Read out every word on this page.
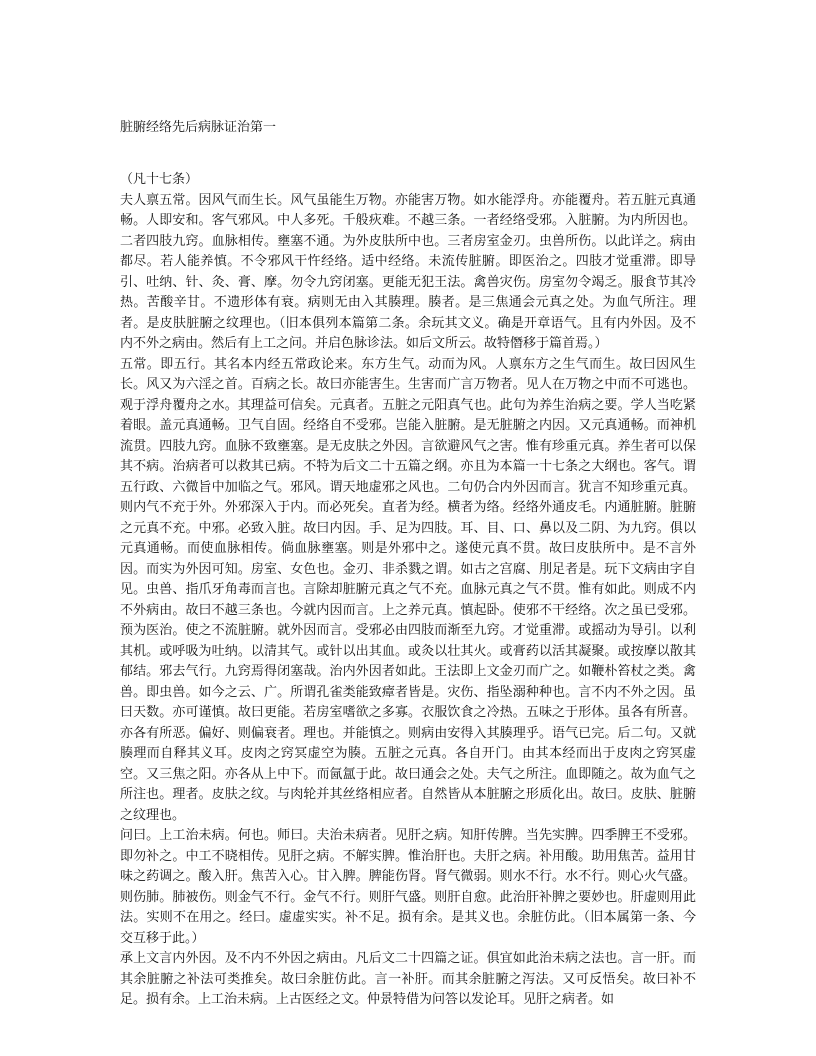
脏腑经络先后病脉证治第一

（凡十七条）

夫人禀五常。因风气而生长。风气虽能生万物。亦能害万物。如水能浮舟。亦能覆舟。若五脏元真通畅。人即安和。客气邪风。中人多死。千般疢难。不越三条。一者经络受邪。入脏腑。为内所因也。二者四肢九窍。血脉相传。壅塞不通。为外皮肤所中也。三者房室金刃。虫兽所伤。以此详之。病由都尽。若人能养慎。不令邪风干忤经络。适中经络。未流传脏腑。即医治之。四肢才觉重滞。即导引、吐纳、针、灸、膏、摩。勿令九窍闭塞。更能无犯王法。禽兽灾伤。房室勿令竭乏。服食节其冷热。苦酸辛甘。不遗形体有衰。病则无由入其腠理。腠者。是三焦通会元真之处。为血气所注。理者。是皮肤脏腑之纹理也。（旧本俱列本篇第二条。余玩其文义。确是开章语气。且有内外因。及不内不外之病由。然后有上工之问。并启色脉诊法。如后文所云。故特僭移于篇首焉。）

五常。即五行。其名本内经五常政论来。东方生气。动而为风。人禀东方之生气而生。故曰因风生长。风又为六淫之首。百病之长。故曰亦能害生。生害而广言万物者。见人在万物之中而不可逃也。观于浮舟覆舟之水。其理益可信矣。元真者。五脏之元阳真气也。此句为养生治病之要。学人当吃紧着眼。盖元真通畅。卫气自固。经络自不受邪。岂能入脏腑。是无脏腑之内因。又元真通畅。而神机流贯。四肢九窍。血脉不致壅塞。是无皮肤之外因。言欲避风气之害。惟有珍重元真。养生者可以保其不病。治病者可以救其已病。不特为后文二十五篇之纲。亦且为本篇一十七条之大纲也。客气。谓五行政、六微旨中加临之气。邪风。谓天地虚邪之风也。二句仍合内外因而言。犹言不知珍重元真。则内气不充于外。外邪深入于内。而必死矣。直者为经。横者为络。经络外通皮毛。内通脏腑。脏腑之元真不充。中邪。必致入脏。故曰内因。手、足为四肢。耳、目、口、鼻以及二阴、为九窍。俱以元真通畅。而使血脉相传。倘血脉壅塞。则是外邪中之。遂使元真不贯。故曰皮肤所中。是不言外因。而实为外因可知。房室、女色也。金刃、非杀戮之谓。如古之宫腐、刖足者是。玩下文病由字自见。虫兽、指爪牙角毒而言也。言除却脏腑元真之气不充。血脉元真之气不贯。惟有如此。则成不内不外病由。故曰不越三条也。今就内因而言。上之养元真。慎起卧。使邪不干经络。次之虽已受邪。预为医治。使之不流脏腑。就外因而言。受邪必由四肢而渐至九窍。才觉重滞。或摇动为导引。以利其机。或呼吸为吐纳。以清其气。或针以出其血。或灸以壮其火。或膏药以活其凝聚。或按摩以散其郁结。邪去气行。九窍焉得闭塞哉。治内外因者如此。王法即上文金刃而广之。如鞭朴笞杖之类。禽兽。即虫兽。如今之云、广。所谓孔雀类能致瘴者皆是。灾伤、指坠溺种种也。言不内不外之因。虽曰天数。亦可谨慎。故曰更能。若房室嗜欲之多寡。衣服饮食之冷热。五味之于形体。虽各有所喜。亦各有所恶。偏好、则偏衰者。理也。并能慎之。则病由安得入其腠理乎。语气已完。后二句。又就腠理而自释其义耳。皮肉之窍冥虚空为腠。五脏之元真。各自开门。由其本经而出于皮肉之窍冥虚空。又三焦之阳。亦各从上中下。而氤氲于此。故曰通会之处。夫气之所注。血即随之。故为血气之所注也。理者。皮肤之纹。与肉轮并其丝络相应者。自然皆从本脏腑之形质化出。故曰。皮肤、脏腑之纹理也。

问曰。上工治未病。何也。师曰。夫治未病者。见肝之病。知肝传脾。当先实脾。四季脾王不受邪。即勿补之。中工不晓相传。见肝之病。不解实脾。惟治肝也。夫肝之病。补用酸。助用焦苦。益用甘味之药调之。酸入肝。焦苦入心。甘入脾。脾能伤肾。肾气微弱。则水不行。水不行。则心火气盛。则伤肺。肺被伤。则金气不行。金气不行。则肝气盛。则肝自愈。此治肝补脾之要妙也。肝虚则用此法。实则不在用之。经曰。虚虚实实。补不足。损有余。是其义也。余脏仿此。（旧本属第一条、今交互移于此。）

承上文言内外因。及不内不外因之病由。凡后文二十四篇之证。俱宜如此治未病之法也。言一肝。而其余脏腑之补法可类推矣。故曰余脏仿此。言一补肝。而其余脏腑之泻法。又可反悟矣。故曰补不足。损有余。上工治未病。上古医经之文。仲景特借为问答以发论耳。见肝之病者。如
